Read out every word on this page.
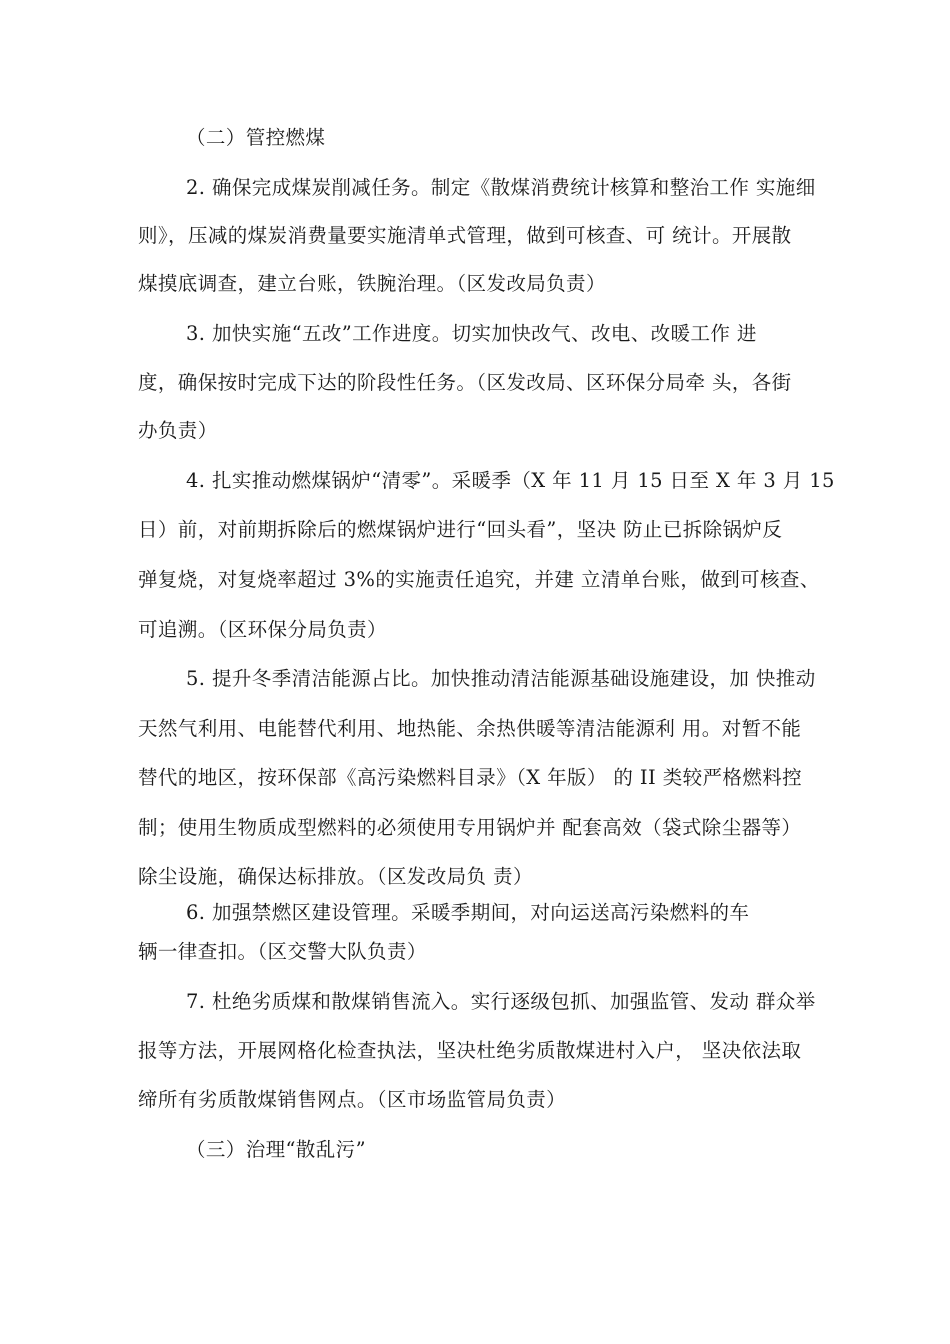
（二）管控燃煤
2. 确保完成煤炭削减任务。制定《散煤消费统计核算和整治工作 实施细
则》，压减的煤炭消费量要实施清单式管理，做到可核查、可 统计。开展散
煤摸底调查，建立台账，铁腕治理。（区发改局负责）
3. 加快实施“五改”工作进度。切实加快改气、改电、改暖工作 进
度，确保按时完成下达的阶段性任务。（区发改局、区环保分局牵 头，各街
办负责）
4. 扎实推动燃煤锅炉“清零”。采暖季（X 年 11 月 15 日至 X 年 3 月 15
日）前，对前期拆除后的燃煤锅炉进行“回头看”，坚决 防止已拆除锅炉反
弹复烧，对复烧率超过 3%的实施责任追究，并建 立清单台账，做到可核查、
可追溯。（区环保分局负责）
5. 提升冬季清洁能源占比。加快推动清洁能源基础设施建设，加 快推动
天然气利用、电能替代利用、地热能、余热供暖等清洁能源利 用。对暂不能
替代的地区，按环保部《高污染燃料目录》（X 年版） 的 II 类较严格燃料控
制；使用生物质成型燃料的必须使用专用锅炉并 配套高效（袋式除尘器等）
除尘设施，确保达标排放。（区发改局负 责）
6. 加强禁燃区建设管理。采暖季期间，对向运送高污染燃料的车
辆一律查扣。（区交警大队负责）
7. 杜绝劣质煤和散煤销售流入。实行逐级包抓、加强监管、发动 群众举
报等方法，开展网格化检查执法，坚决杜绝劣质散煤进村入户， 坚决依法取
缔所有劣质散煤销售网点。（区市场监管局负责）
（三）治理“散乱污”
